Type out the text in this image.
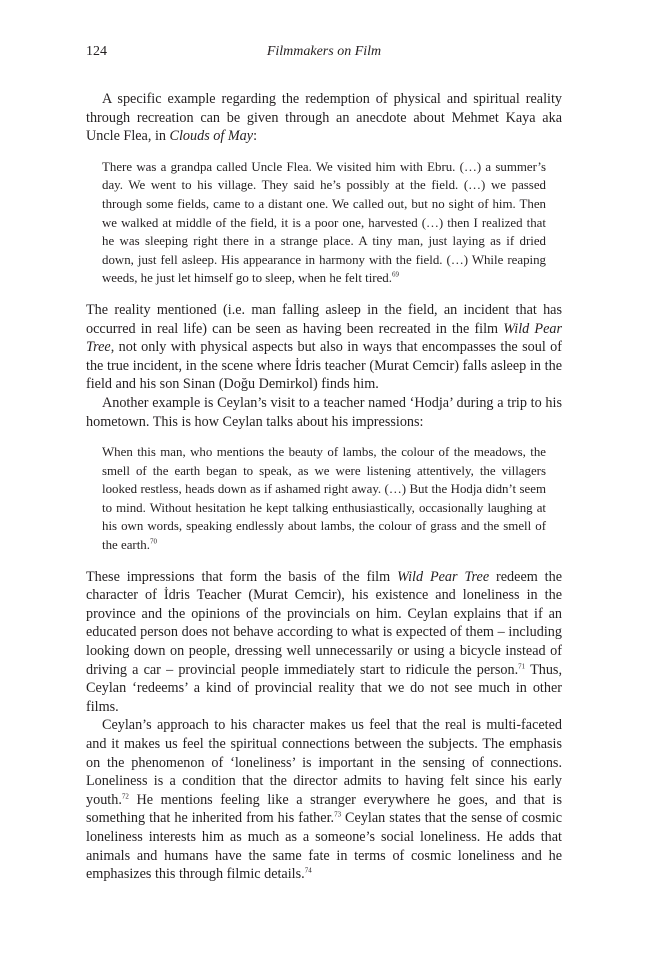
124	Filmmakers on Film

A specific example regarding the redemption of physical and spiritual reality through recreation can be given through an anecdote about Mehmet Kaya aka Uncle Flea, in Clouds of May:

There was a grandpa called Uncle Flea. We visited him with Ebru. (…) a summer’s day. We went to his village. They said he’s possibly at the field. (…) we passed through some fields, came to a distant one. We called out, but no sight of him. Then we walked at middle of the field, it is a poor one, harvested (…) then I realized that he was sleeping right there in a strange place. A tiny man, just laying as if dried down, just fell asleep. His appearance in harmony with the field. (…) While reaping weeds, he just let himself go to sleep, when he felt tired.$^{69}$

The reality mentioned (i.e. man falling asleep in the field, an incident that has occurred in real life) can be seen as having been recreated in the film Wild Pear Tree, not only with physical aspects but also in ways that encompasses the soul of the true incident, in the scene where İdris teacher (Murat Cemcir) falls asleep in the field and his son Sinan (Doğu Demirkol) finds him.

Another example is Ceylan’s visit to a teacher named ‘Hodja’ during a trip to his hometown. This is how Ceylan talks about his impressions:

When this man, who mentions the beauty of lambs, the colour of the meadows, the smell of the earth began to speak, as we were listening attentively, the villagers looked restless, heads down as if ashamed right away. (…) But the Hodja didn’t seem to mind. Without hesitation he kept talking enthusiastically, occasionally laughing at his own words, speaking endlessly about lambs, the colour of grass and the smell of the earth.$^{70}$

These impressions that form the basis of the film Wild Pear Tree redeem the character of İdris Teacher (Murat Cemcir), his existence and loneliness in the province and the opinions of the provincials on him. Ceylan explains that if an educated person does not behave according to what is expected of them – including looking down on people, dressing well unnecessarily or using a bicycle instead of driving a car – provincial people immediately start to ridicule the person.$^{71}$ Thus, Ceylan ‘redeems’ a kind of provincial reality that we do not see much in other films.

Ceylan’s approach to his character makes us feel that the real is multi-faceted and it makes us feel the spiritual connections between the subjects. The emphasis on the phenomenon of ‘loneliness’ is important in the sensing of connections. Loneliness is a condition that the director admits to having felt since his early youth.$^{72}$ He mentions feeling like a stranger everywhere he goes, and that is something that he inherited from his father.$^{73}$ Ceylan states that the sense of cosmic loneliness interests him as much as a someone’s social loneliness. He adds that animals and humans have the same fate in terms of cosmic loneliness and he emphasizes this through filmic details.$^{74}$
